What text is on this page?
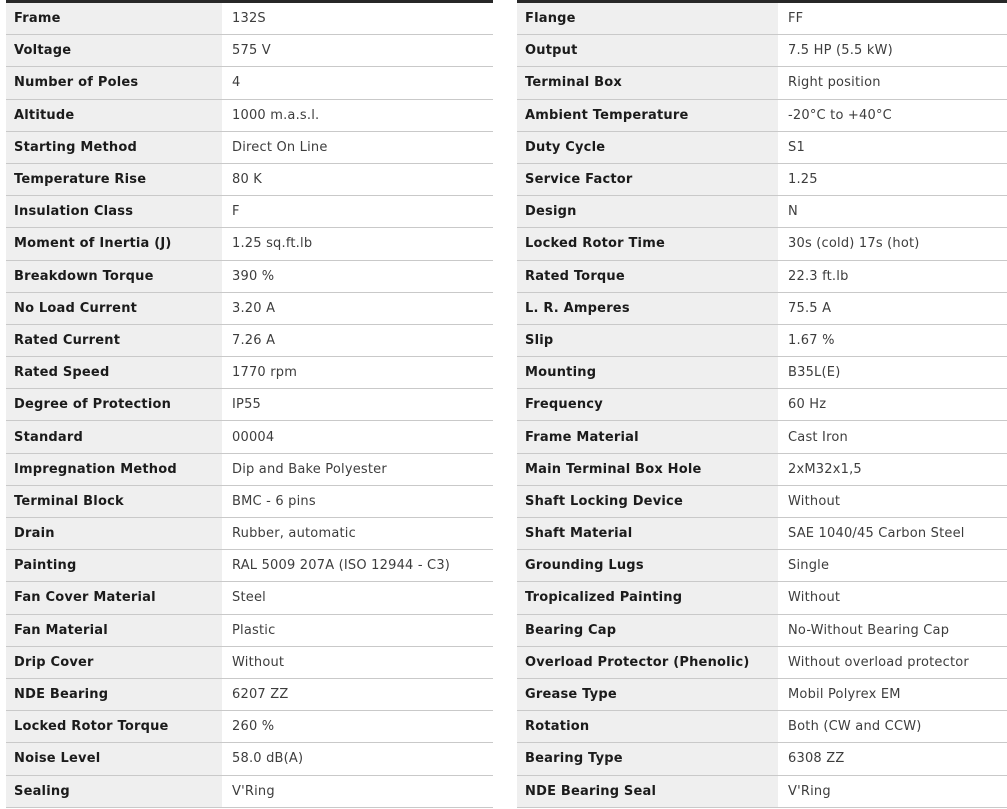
Frame	132S
Voltage	575 V
Number of Poles	4
Altitude	1000 m.a.s.l.
Starting Method	Direct On Line
Temperature Rise	80 K
Insulation Class	F
Moment of Inertia (J)	1.25 sq.ft.lb
Breakdown Torque	390 %
No Load Current	3.20 A
Rated Current	7.26 A
Rated Speed	1770 rpm
Degree of Protection	IP55
Standard	00004
Impregnation Method	Dip and Bake Polyester
Terminal Block	BMC - 6 pins
Drain	Rubber, automatic
Painting	RAL 5009 207A (ISO 12944 - C3)
Fan Cover Material	Steel
Fan Material	Plastic
Drip Cover	Without
NDE Bearing	6207 ZZ
Locked Rotor Torque	260 %
Noise Level	58.0 dB(A)
Sealing	V'Ring
Flange	FF
Output	7.5 HP (5.5 kW)
Terminal Box	Right position
Ambient Temperature	-20°C to +40°C
Duty Cycle	S1
Service Factor	1.25
Design	N
Locked Rotor Time	30s (cold) 17s (hot)
Rated Torque	22.3 ft.lb
L. R. Amperes	75.5 A
Slip	1.67 %
Mounting	B35L(E)
Frequency	60 Hz
Frame Material	Cast Iron
Main Terminal Box Hole	2xM32x1,5
Shaft Locking Device	Without
Shaft Material	SAE 1040/45 Carbon Steel
Grounding Lugs	Single
Tropicalized Painting	Without
Bearing Cap	No-Without Bearing Cap
Overload Protector (Phenolic)	Without overload protector
Grease Type	Mobil Polyrex EM
Rotation	Both (CW and CCW)
Bearing Type	6308 ZZ
NDE Bearing Seal	V'Ring
